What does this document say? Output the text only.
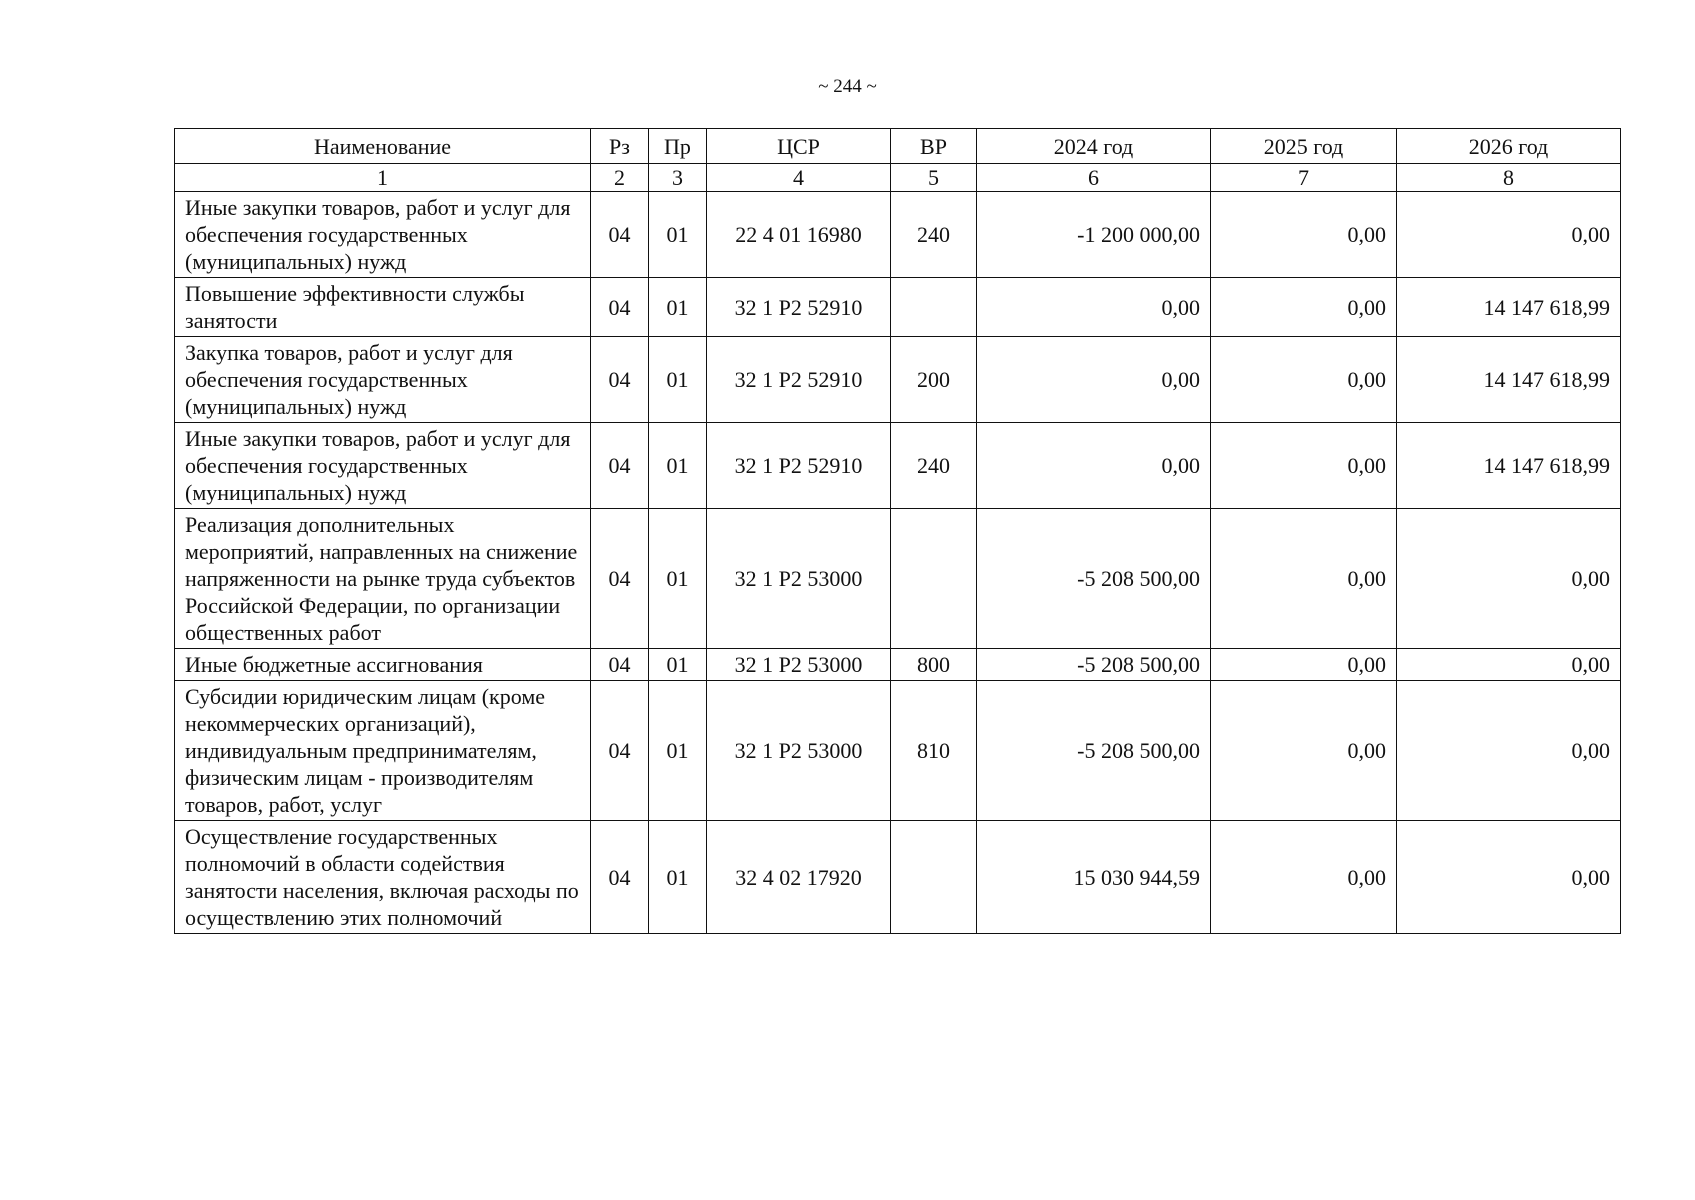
~ 244 ~
Наименование	Рз	Пр	ЦСР	ВР	2024 год	2025 год	2026 год
1	2	3	4	5	6	7	8
Иные закупки товаров, работ и услуг для обеспечения государственных (муниципальных) нужд	04	01	22 4 01 16980	240	-1 200 000,00	0,00	0,00
Повышение эффективности службы занятости	04	01	32 1 Р2 52910		0,00	0,00	14 147 618,99
Закупка товаров, работ и услуг для обеспечения государственных (муниципальных) нужд	04	01	32 1 Р2 52910	200	0,00	0,00	14 147 618,99
Иные закупки товаров, работ и услуг для обеспечения государственных (муниципальных) нужд	04	01	32 1 Р2 52910	240	0,00	0,00	14 147 618,99
Реализация дополнительных мероприятий, направленных на снижение напряженности на рынке труда субъектов Российской Федерации, по организации общественных работ	04	01	32 1 Р2 53000		-5 208 500,00	0,00	0,00
Иные бюджетные ассигнования	04	01	32 1 Р2 53000	800	-5 208 500,00	0,00	0,00
Субсидии юридическим лицам (кроме некоммерческих организаций), индивидуальным предпринимателям, физическим лицам - производителям товаров, работ, услуг	04	01	32 1 Р2 53000	810	-5 208 500,00	0,00	0,00
Осуществление государственных полномочий в области содействия занятости населения, включая расходы по осуществлению этих полномочий	04	01	32 4 02 17920		15 030 944,59	0,00	0,00
